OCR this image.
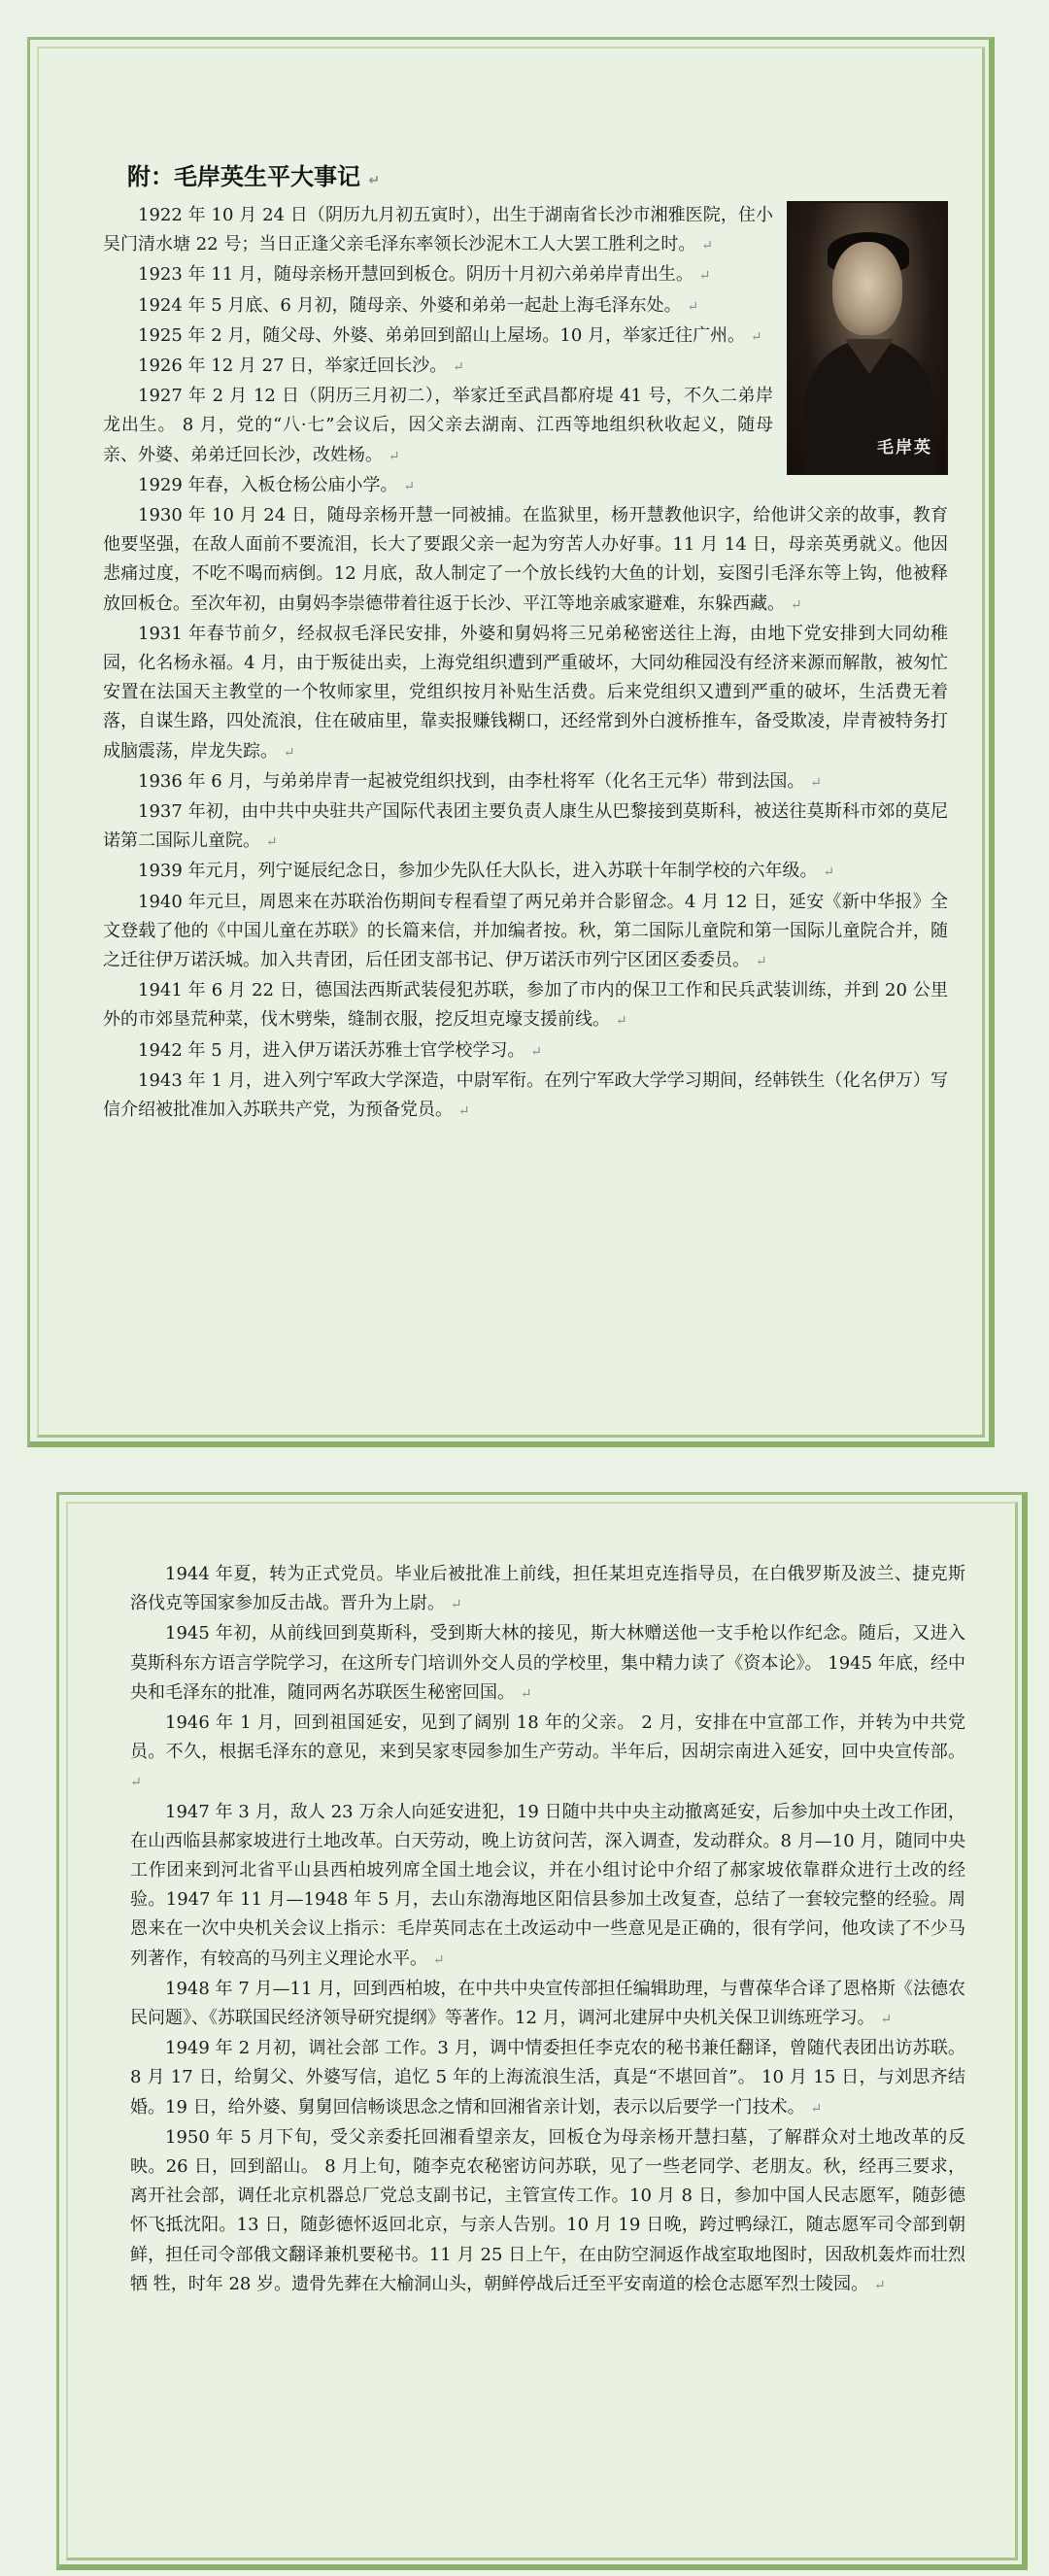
附：毛岸英生平大事记 ↵
毛岸英

1922 年 10 月 24 日（阴历九月初五寅时），出生于湖南省长沙市湘雅医院，住小吴门清水塘 22 号；当日正逢父亲毛泽东率领长沙泥木工人大罢工胜利之时。 ↵

1923 年 11 月，随母亲杨开慧回到板仓。阴历十月初六弟弟岸青出生。 ↵

1924 年 5 月底、6 月初，随母亲、外婆和弟弟一起赴上海毛泽东处。 ↵

1925 年 2 月，随父母、外婆、弟弟回到韶山上屋场。10 月，举家迁往广州。 ↵

1926 年 12 月 27 日，举家迁回长沙。 ↵

1927 年 2 月 12 日（阴历三月初二），举家迁至武昌都府堤 41 号，不久二弟岸龙出生。 8 月，党的“八·七”会议后，因父亲去湖南、江西等地组织秋收起义，随母亲、外婆、弟弟迁回长沙，改姓杨。 ↵

1929 年春，入板仓杨公庙小学。 ↵

1930 年 10 月 24 日，随母亲杨开慧一同被捕。在监狱里，杨开慧教他识字，给他讲父亲的故事，教育他要坚强，在敌人面前不要流泪，长大了要跟父亲一起为穷苦人办好事。11 月 14 日，母亲英勇就义。他因悲痛过度，不吃不喝而病倒。12 月底，敌人制定了一个放长线钓大鱼的计划，妄图引毛泽东等上钩，他被释放回板仓。至次年初，由舅妈李崇德带着往返于长沙、平江等地亲戚家避难，东躲西藏。 ↵

1931 年春节前夕，经叔叔毛泽民安排，外婆和舅妈将三兄弟秘密送往上海，由地下党安排到大同幼稚园，化名杨永福。4 月，由于叛徒出卖，上海党组织遭到严重破坏，大同幼稚园没有经济来源而解散，被匆忙安置在法国天主教堂的一个牧师家里，党组织按月补贴生活费。后来党组织又遭到严重的破坏，生活费无着落，自谋生路，四处流浪，住在破庙里，靠卖报赚钱糊口，还经常到外白渡桥推车，备受欺凌，岸青被特务打成脑震荡，岸龙失踪。 ↵

1936 年 6 月，与弟弟岸青一起被党组织找到，由李杜将军（化名王元华）带到法国。 ↵

1937 年初，由中共中央驻共产国际代表团主要负责人康生从巴黎接到莫斯科，被送往莫斯科市郊的莫尼诺第二国际儿童院。 ↵

1939 年元月，列宁诞辰纪念日，参加少先队任大队长，进入苏联十年制学校的六年级。 ↵

1940 年元旦，周恩来在苏联治伤期间专程看望了两兄弟并合影留念。4 月 12 日，延安《新中华报》全文登载了他的《中国儿童在苏联》的长篇来信，并加编者按。秋，第二国际儿童院和第一国际儿童院合并，随之迁往伊万诺沃城。加入共青团，后任团支部书记、伊万诺沃市列宁区团区委委员。 ↵

1941 年 6 月 22 日，德国法西斯武装侵犯苏联，参加了市内的保卫工作和民兵武装训练，并到 20 公里外的市郊垦荒种菜，伐木劈柴，缝制衣服，挖反坦克壕支援前线。 ↵

1942 年 5 月，进入伊万诺沃苏雅士官学校学习。 ↵

1943 年 1 月，进入列宁军政大学深造，中尉军衔。在列宁军政大学学习期间，经韩铁生（化名伊万）写信介绍被批准加入苏联共产党，为预备党员。 ↵

1944 年夏，转为正式党员。毕业后被批准上前线，担任某坦克连指导员，在白俄罗斯及波兰、捷克斯洛伐克等国家参加反击战。晋升为上尉。 ↵

1945 年初，从前线回到莫斯科，受到斯大林的接见，斯大林赠送他一支手枪以作纪念。随后，又进入莫斯科东方语言学院学习，在这所专门培训外交人员的学校里，集中精力读了《资本论》。 1945 年底，经中央和毛泽东的批准，随同两名苏联医生秘密回国。 ↵

1946 年 1 月，回到祖国延安，见到了阔别 18 年的父亲。 2 月，安排在中宣部工作，并转为中共党员。不久，根据毛泽东的意见，来到吴家枣园参加生产劳动。半年后，因胡宗南进入延安，回中央宣传部。 ↵

1947 年 3 月，敌人 23 万余人向延安进犯，19 日随中共中央主动撤离延安，后参加中央土改工作团，在山西临县郝家坡进行土地改革。白天劳动，晚上访贫问苦，深入调查，发动群众。8 月—10 月，随同中央工作团来到河北省平山县西柏坡列席全国土地会议，并在小组讨论中介绍了郝家坡依靠群众进行土改的经验。1947 年 11 月—1948 年 5 月，去山东渤海地区阳信县参加土改复查，总结了一套较完整的经验。周恩来在一次中央机关会议上指示：毛岸英同志在土改运动中一些意见是正确的，很有学问，他攻读了不少马列著作，有较高的马列主义理论水平。 ↵

1948 年 7 月—11 月，回到西柏坡，在中共中央宣传部担任编辑助理，与曹葆华合译了恩格斯《法德农民问题》、《苏联国民经济领导研究提纲》等著作。12 月，调河北建屏中央机关保卫训练班学习。 ↵

1949 年 2 月初，调社会部 工作。3 月，调中情委担任李克农的秘书兼任翻译，曾随代表团出访苏联。8 月 17 日，给舅父、外婆写信，追忆 5 年的上海流浪生活，真是“不堪回首”。 10 月 15 日，与刘思齐结婚。19 日，给外婆、舅舅回信畅谈思念之情和回湘省亲计划，表示以后要学一门技术。 ↵

1950 年 5 月下旬，受父亲委托回湘看望亲友，回板仓为母亲杨开慧扫墓，了解群众对土地改革的反映。26 日，回到韶山。 8 月上旬，随李克农秘密访问苏联，见了一些老同学、老朋友。秋，经再三要求，离开社会部，调任北京机器总厂党总支副书记，主管宣传工作。10 月 8 日，参加中国人民志愿军，随彭德怀飞抵沈阳。13 日，随彭德怀返回北京，与亲人告别。10 月 19 日晚，跨过鸭绿江，随志愿军司令部到朝鲜，担任司令部俄文翻译兼机要秘书。11 月 25 日上午，在由防空洞返作战室取地图时，因敌机轰炸而壮烈牺 牲，时年 28 岁。遗骨先葬在大榆洞山头，朝鲜停战后迁至平安南道的桧仓志愿军烈士陵园。 ↵
